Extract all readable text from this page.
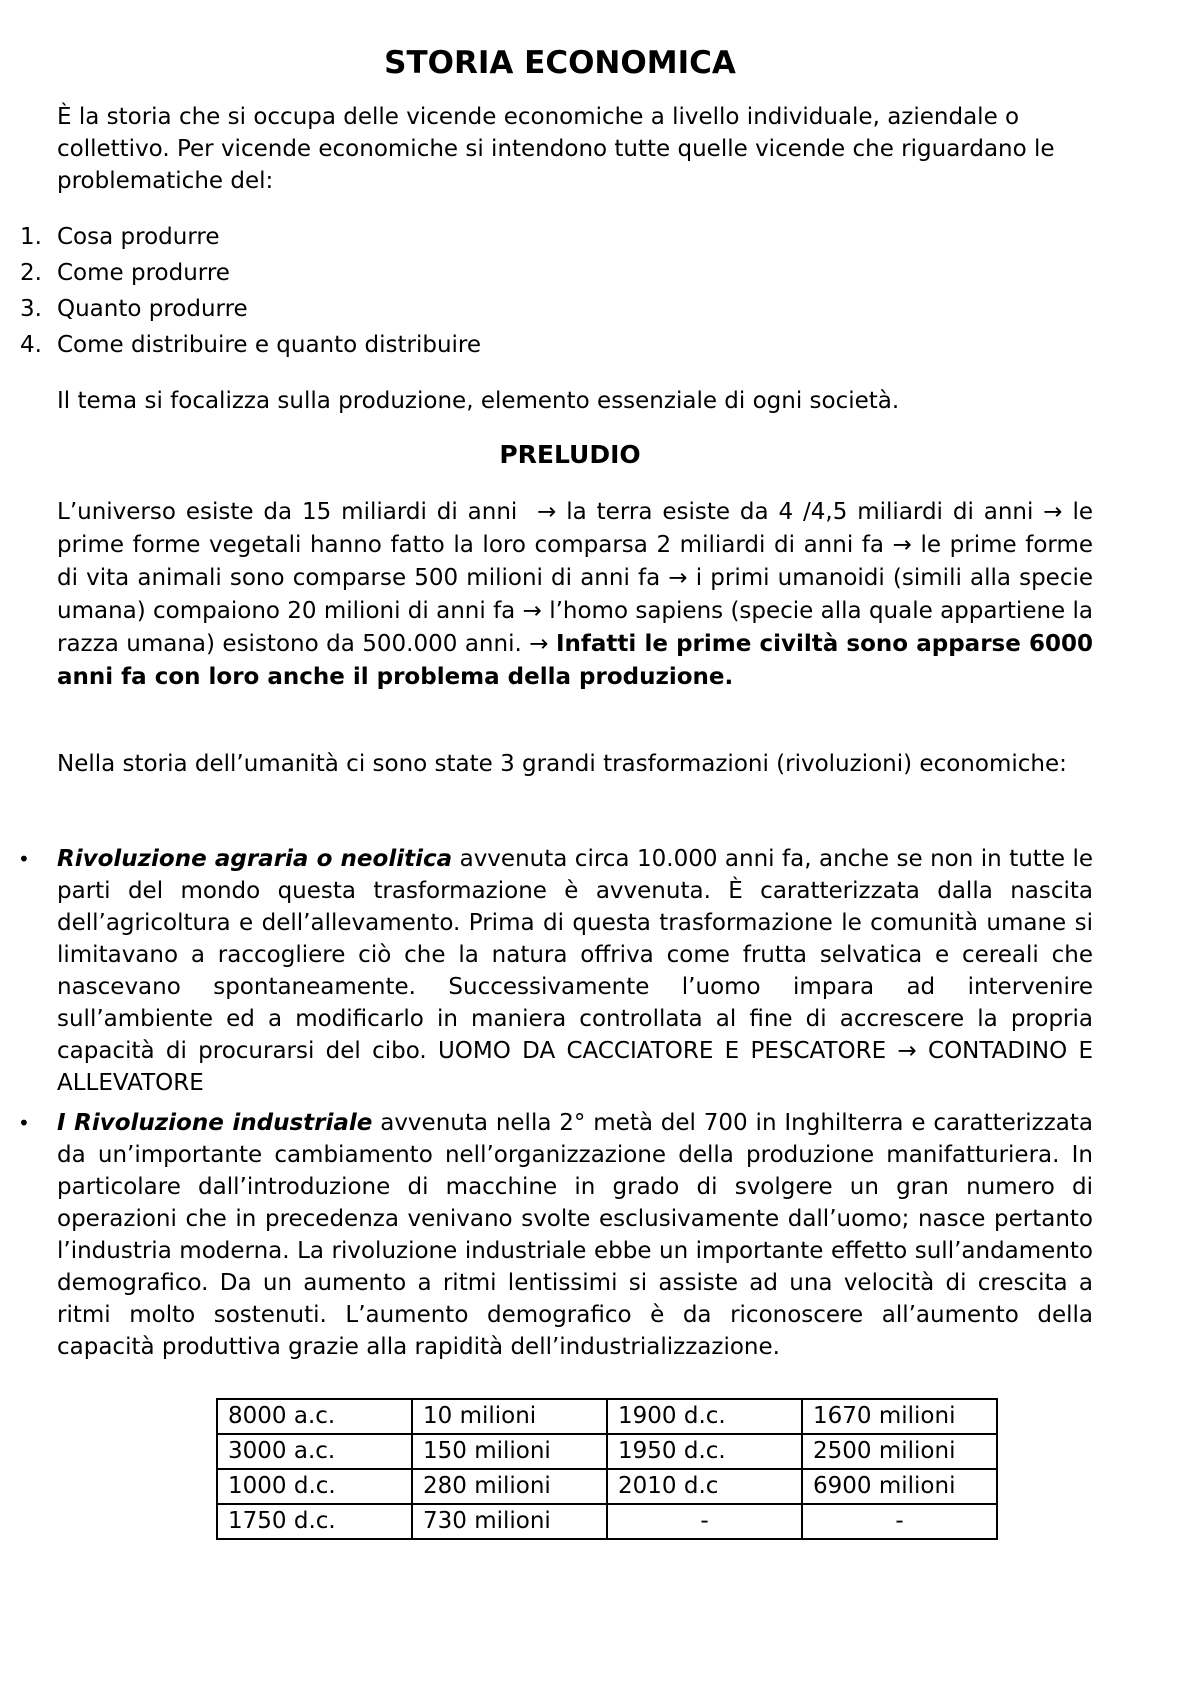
STORIA ECONOMICA

È la storia che si occupa delle vicende economiche a livello individuale, aziendale o collettivo. Per vicende economiche si intendono tutte quelle vicende che riguardano le problematiche del:

1. Cosa produrre
2. Come produrre
3. Quanto produrre
4. Come distribuire e quanto distribuire

Il tema si focalizza sulla produzione, elemento essenziale di ogni società.

PRELUDIO

L’universo esiste da 15 miliardi di anni → la terra esiste da 4 /4,5 miliardi di anni → le prime forme vegetali hanno fatto la loro comparsa 2 miliardi di anni fa → le prime forme di vita animali sono comparse 500 milioni di anni fa → i primi umanoidi (simili alla specie umana) compaiono 20 milioni di anni fa → l’homo sapiens (specie alla quale appartiene la razza umana) esistono da 500.000 anni. → Infatti le prime civiltà sono apparse 6000 anni fa con loro anche il problema della produzione.

Nella storia dell’umanità ci sono state 3 grandi trasformazioni (rivoluzioni) economiche:

• Rivoluzione agraria o neolitica avvenuta circa 10.000 anni fa, anche se non in tutte le parti del mondo questa trasformazione è avvenuta. È caratterizzata dalla nascita dell’agricoltura e dell’allevamento. Prima di questa trasformazione le comunità umane si limitavano a raccogliere ciò che la natura offriva come frutta selvatica e cereali che nascevano spontaneamente. Successivamente l’uomo impara ad intervenire sull’ambiente ed a modificarlo in maniera controllata al fine di accrescere la propria capacità di procurarsi del cibo. UOMO DA CACCIATORE E PESCATORE → CONTADINO E ALLEVATORE

• I Rivoluzione industriale avvenuta nella 2° metà del 700 in Inghilterra e caratterizzata da un’importante cambiamento nell’organizzazione della produzione manifatturiera. In particolare dall’introduzione di macchine in grado di svolgere un gran numero di operazioni che in precedenza venivano svolte esclusivamente dall’uomo; nasce pertanto l’industria moderna. La rivoluzione industriale ebbe un importante effetto sull’andamento demografico. Da un aumento a ritmi lentissimi si assiste ad una velocità di crescita a ritmi molto sostenuti. L’aumento demografico è da riconoscere all’aumento della capacità produttiva grazie alla rapidità dell’industrializzazione.

8000 a.c.	10 milioni	1900 d.c.	1670 milioni
3000 a.c.	150 milioni	1950 d.c.	2500 milioni
1000 d.c.	280 milioni	2010 d.c	6900 milioni
1750 d.c.	730 milioni	-	-
